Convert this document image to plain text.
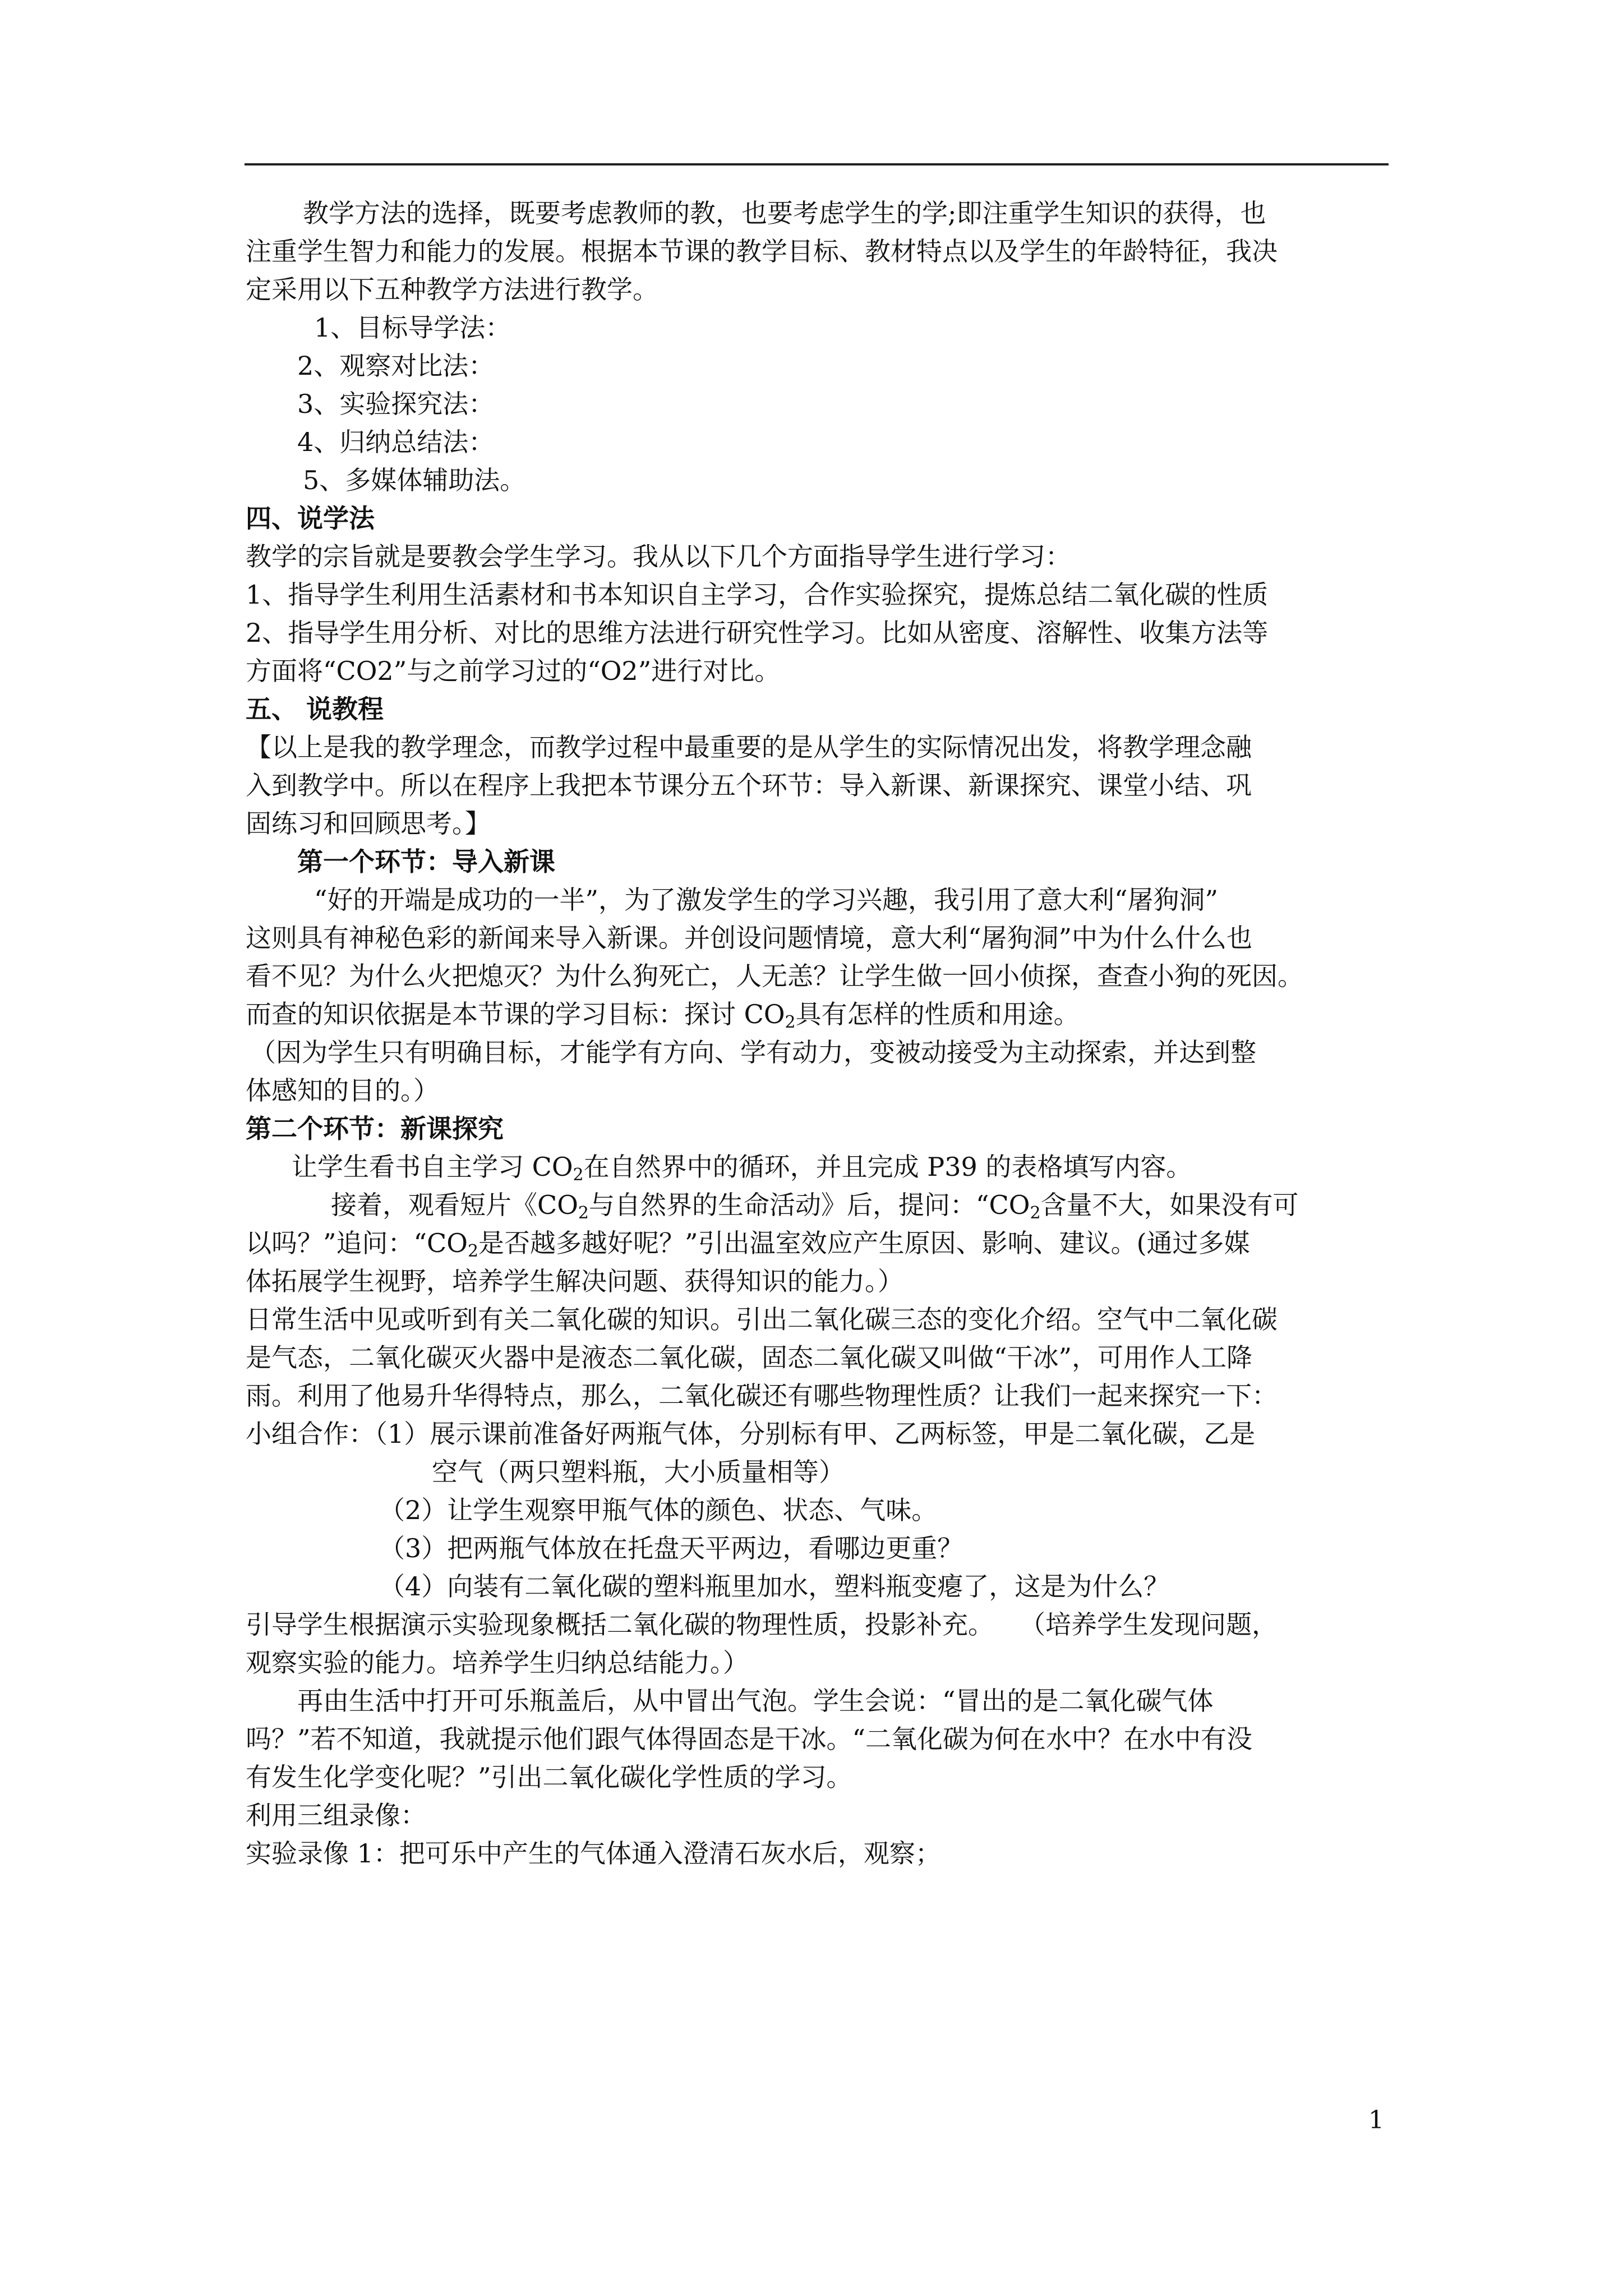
教学方法的选择，既要考虑教师的教，也要考虑学生的学;即注重学生知识的获得，也
注重学生智力和能力的发展。根据本节课的教学目标、教材特点以及学生的年龄特征，我决
定采用以下五种教学方法进行教学。
1、目标导学法：
2、观察对比法：
3、实验探究法：
4、归纳总结法：
5、多媒体辅助法。
四、说学法
教学的宗旨就是要教会学生学习。我从以下几个方面指导学生进行学习：
1、指导学生利用生活素材和书本知识自主学习，合作实验探究，提炼总结二氧化碳的性质
2、指导学生用分析、对比的思维方法进行研究性学习。比如从密度、溶解性、收集方法等
方面将“CO2”与之前学习过的“O2”进行对比。
五、 说教程
【以上是我的教学理念，而教学过程中最重要的是从学生的实际情况出发，将教学理念融
入到教学中。所以在程序上我把本节课分五个环节：导入新课、新课探究、课堂小结、巩
固练习和回顾思考。】
第一个环节：导入新课
“好的开端是成功的一半”，为了激发学生的学习兴趣，我引用了意大利“屠狗洞”
这则具有神秘色彩的新闻来导入新课。并创设问题情境，意大利“屠狗洞”中为什么什么也
看不见？为什么火把熄灭？为什么狗死亡，人无恙？让学生做一回小侦探，查查小狗的死因。
而查的知识依据是本节课的学习目标：探讨 $CO_2$具有怎样的性质和用途。
（因为学生只有明确目标，才能学有方向、学有动力，变被动接受为主动探索，并达到整
体感知的目的。）
第二个环节：新课探究
让学生看书自主学习 $CO_2$在自然界中的循环，并且完成 P39 的表格填写内容。
接着，观看短片《$CO_2$与自然界的生命活动》后，提问：“$CO_2$含量不大，如果没有可
以吗？”追问：“$CO_2$是否越多越好呢？”引出温室效应产生原因、影响、建议。(通过多媒
体拓展学生视野，培养学生解决问题、获得知识的能力。）
日常生活中见或听到有关二氧化碳的知识。引出二氧化碳三态的变化介绍。空气中二氧化碳
是气态，二氧化碳灭火器中是液态二氧化碳，固态二氧化碳又叫做“干冰”，可用作人工降
雨。利用了他易升华得特点，那么，二氧化碳还有哪些物理性质？让我们一起来探究一下：
小组合作：（1）展示课前准备好两瓶气体，分别标有甲、乙两标签，甲是二氧化碳，乙是
空气（两只塑料瓶，大小质量相等）
（2）让学生观察甲瓶气体的颜色、状态、气味。
（3）把两瓶气体放在托盘天平两边，看哪边更重？
（4）向装有二氧化碳的塑料瓶里加水，塑料瓶变瘪了，这是为什么？
引导学生根据演示实验现象概括二氧化碳的物理性质，投影补充。　　（培养学生发现问题，
观察实验的能力。培养学生归纳总结能力。）
再由生活中打开可乐瓶盖后，从中冒出气泡。学生会说：“冒出的是二氧化碳气体
吗？”若不知道，我就提示他们跟气体得固态是干冰。“二氧化碳为何在水中？在水中有没
有发生化学变化呢？”引出二氧化碳化学性质的学习。
利用三组录像：
实验录像 1：把可乐中产生的气体通入澄清石灰水后，观察；
1
